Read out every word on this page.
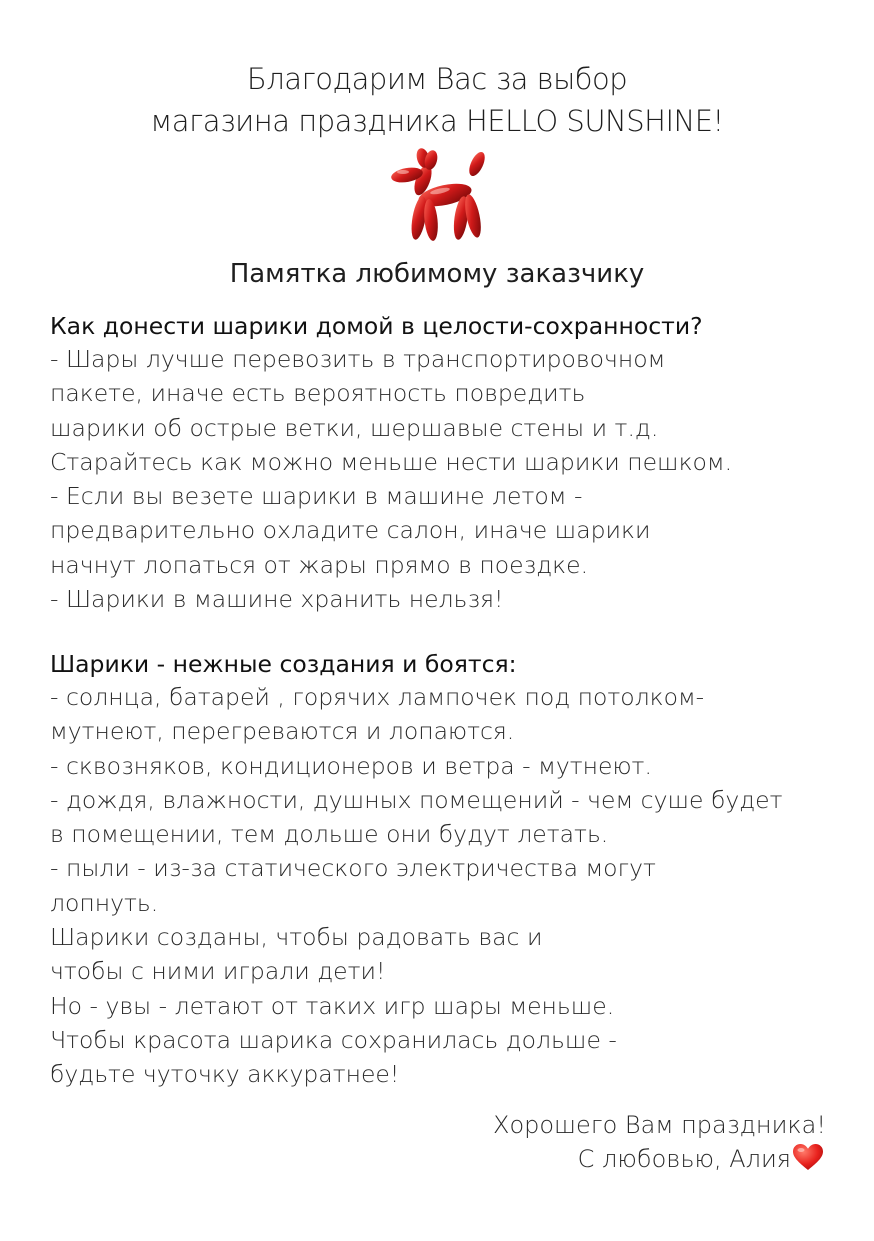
Благодарим Вас за выбор
магазина праздника HELLO SUNSHINE!
Памятка любимому заказчику
Как донести шарики домой в целости-сохранности?
- Шары лучше перевозить в транспортировочном
пакете, иначе есть вероятность повредить
шарики об острые ветки, шершавые стены и т.д.
Старайтесь как можно меньше нести шарики пешком.
- Если вы везете шарики в машине летом -
предварительно охладите салон, иначе шарики
начнут лопаться от жары прямо в поездке.
- Шарики в машине хранить нельзя!
Шарики - нежные создания и боятся:
- солнца, батарей , горячих лампочек под потолком-
мутнеют, перегреваются и лопаются.
- сквозняков, кондиционеров и ветра - мутнеют.
- дождя, влажности, душных помещений - чем суше будет
в помещении, тем дольше они будут летать.
- пыли - из-за статического электричества могут
лопнуть.
Шарики созданы, чтобы радовать вас и
чтобы с ними играли дети!
Но - увы - летают от таких игр шары меньше.
Чтобы красота шарика сохранилась дольше -
будьте чуточку аккуратнее!
Хорошего Вам праздника!
С любовью, Алия
